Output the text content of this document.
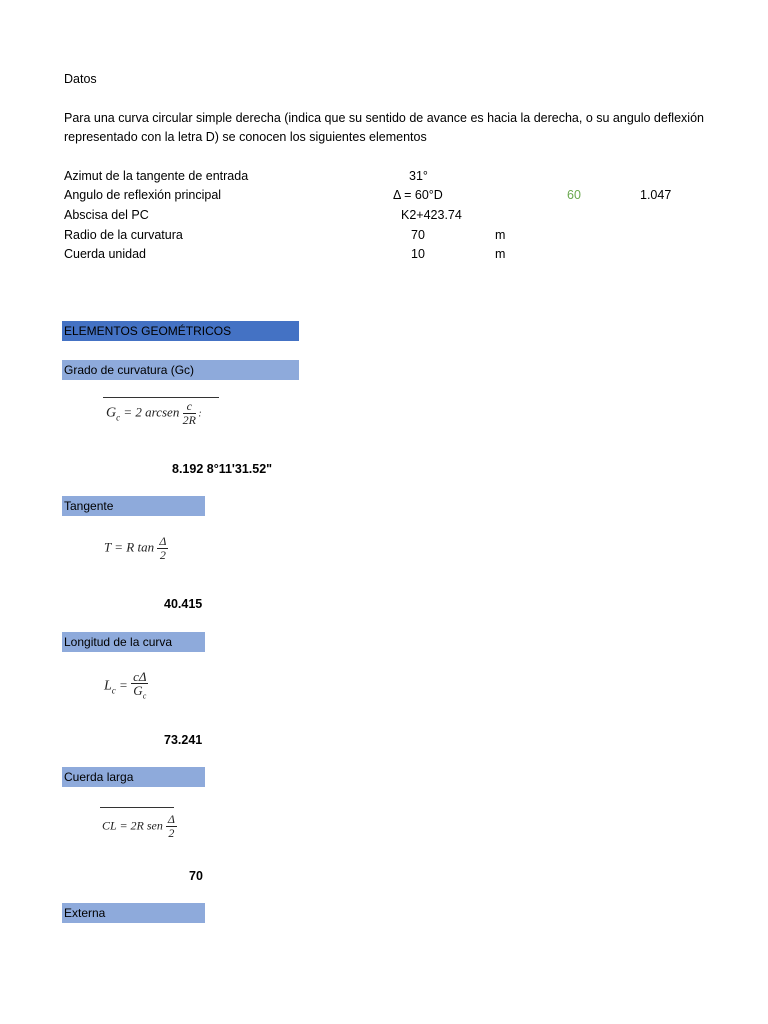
Datos
Para una curva circular simple derecha (indica que su sentido de avance es hacia la derecha, o su angulo deflexión
representado con la letra D) se conocen los siguientes elementos
Azimut de la tangente de entrada	31°
Angulo de reflexión principal	Δ = 60°D	60	1.047
Abscisa del PC	K2+423.74
Radio de la curvatura	70	m
Cuerda unidad	10	m
ELEMENTOS GEOMÉTRICOS
Grado de curvatura (Gc)
$G_c = 2$ arcsen $\frac{c}{2R}$ :
8.192 8°11'31.52"
Tangente
T = R $\tan \frac{\Delta}{2}$
40.415
Longitud de la curva
$L_c = \frac{c\Delta}{G_c}$
73.241
Cuerda larga
CL = 2R sen $\frac{\Delta}{2}$
70
Externa
